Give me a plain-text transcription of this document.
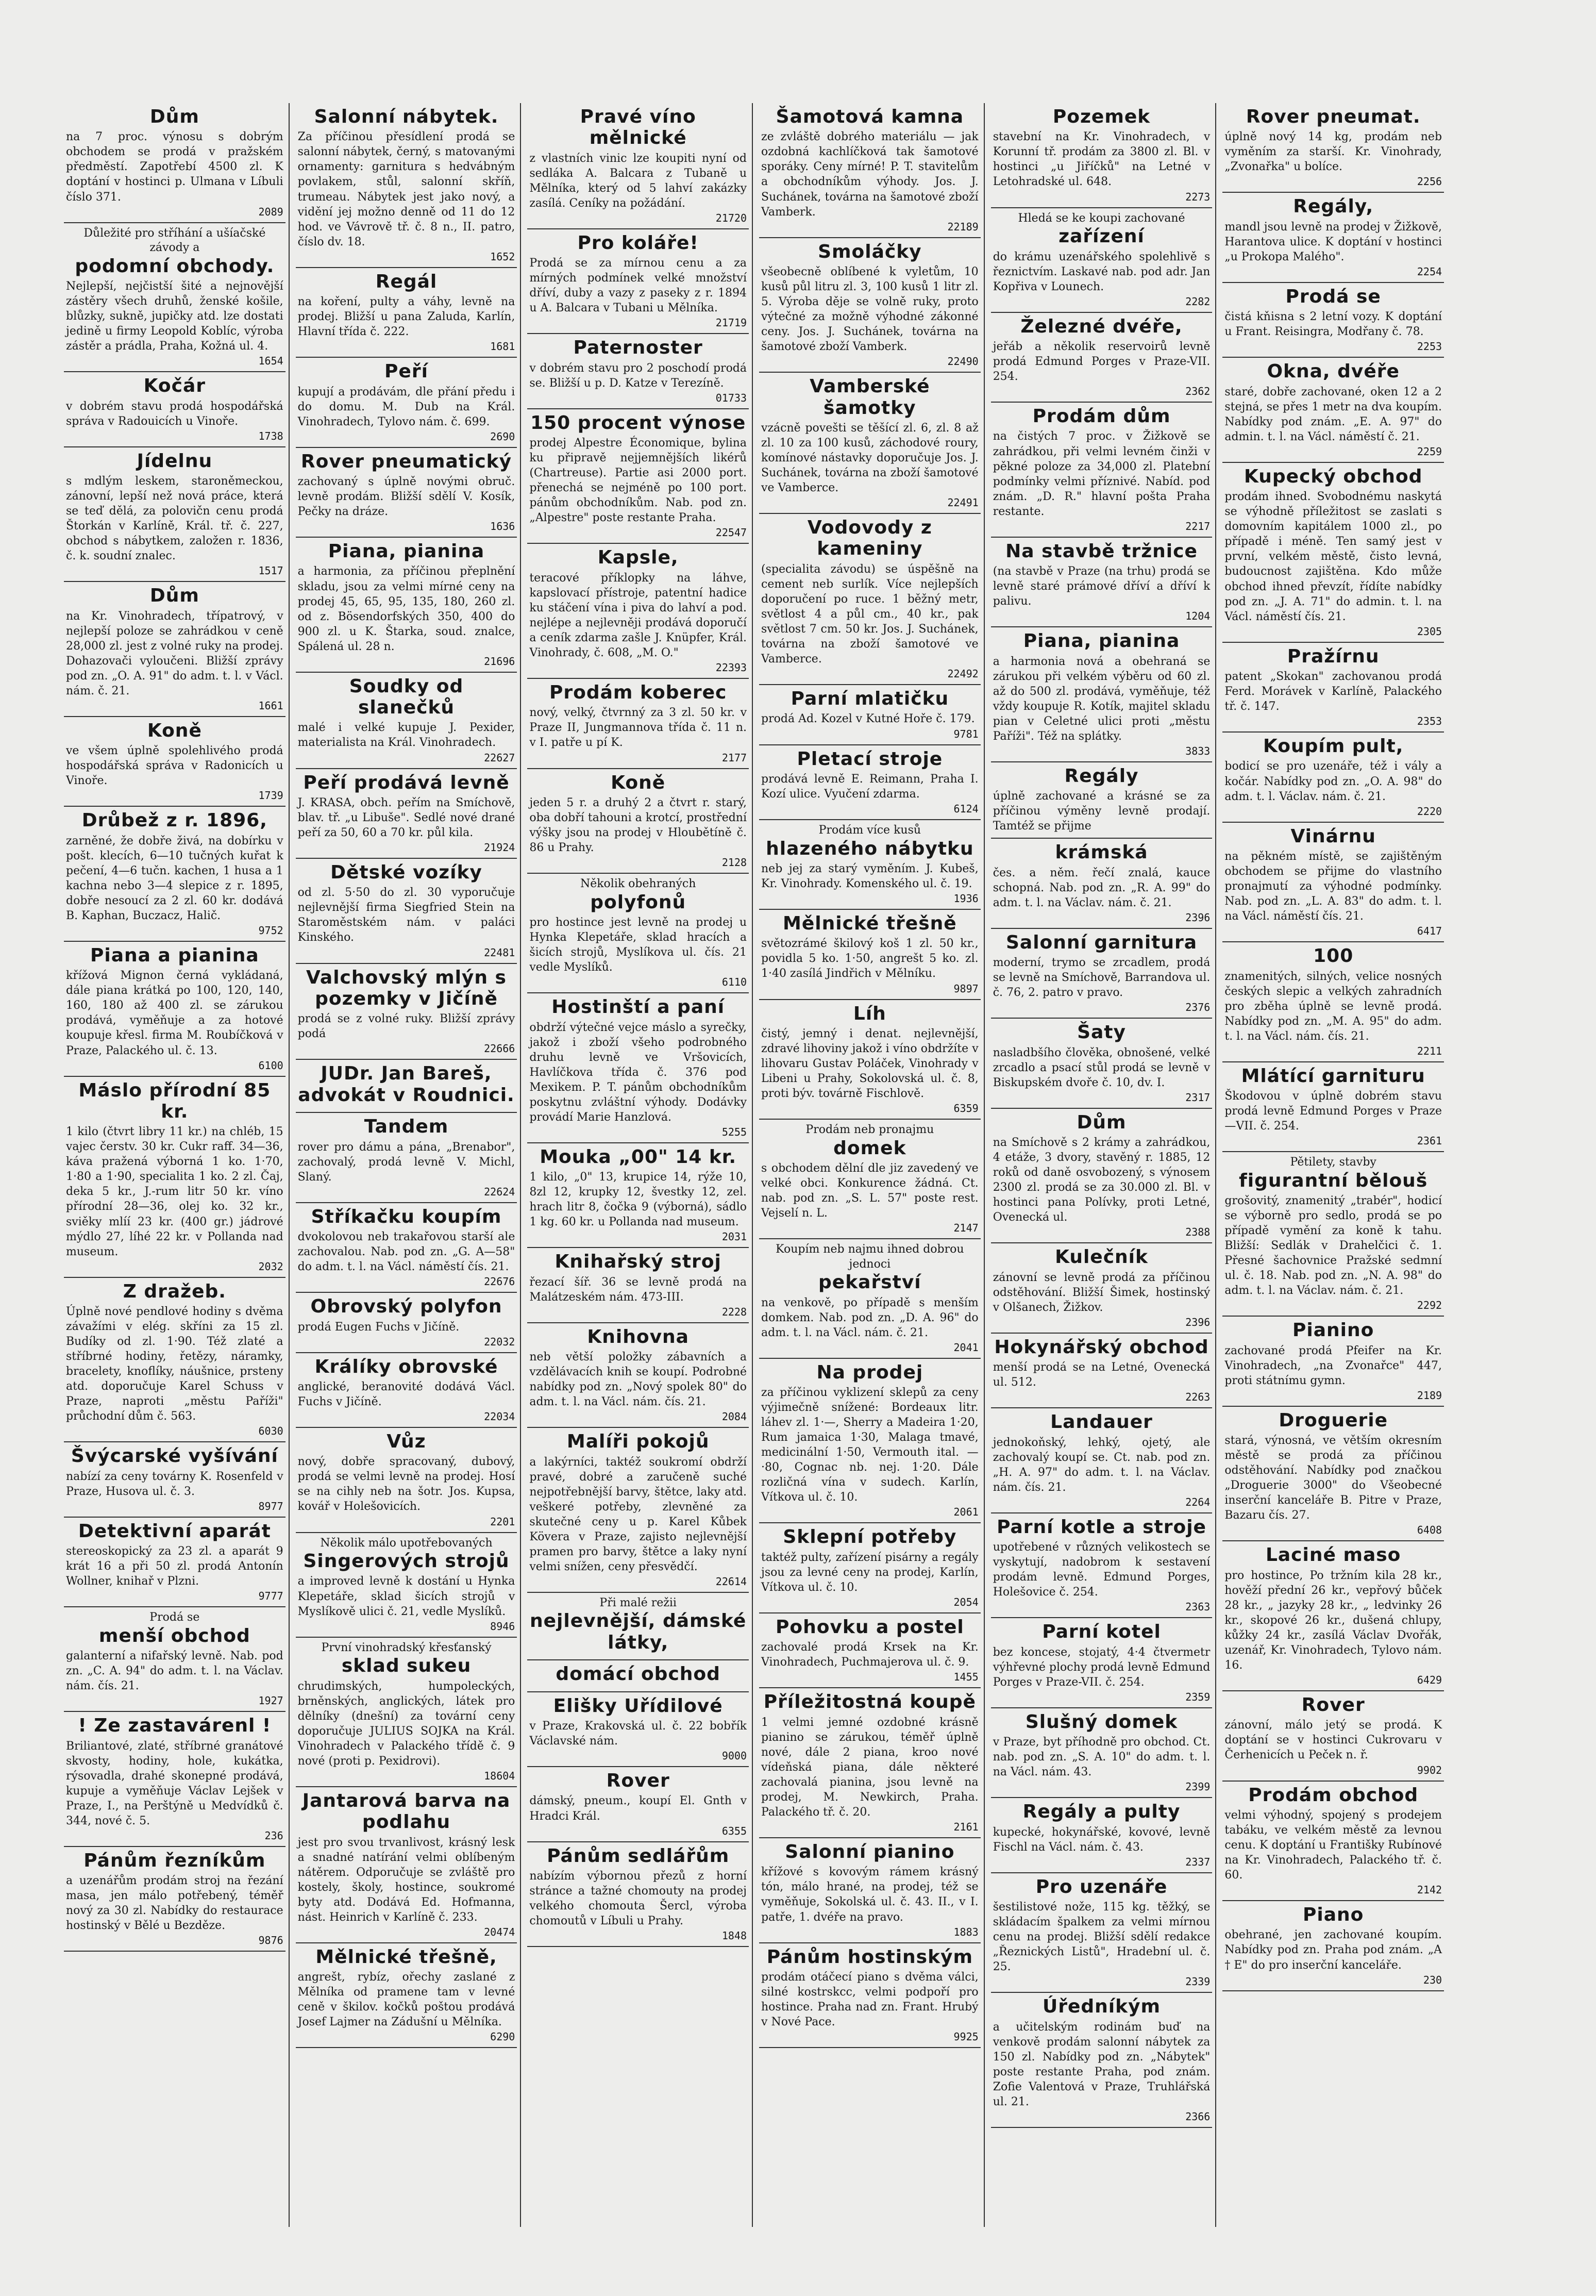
Dům

na 7 proc. výnosu s dobrým obchodem se prodá v pražském předměstí. Zapotřebí 4500 zl. K doptání v hostinci p. Ulmana v Líbuli číslo 371.

2089
Důležité pro stříhání a ušíačské závody a
podomní obchody.

Nejlepší, nejčistší šité a nejnovější zástěry všech druhů, ženské košile, blůzky, sukně, jupičky atd. lze dostati jedině u firmy Leopold Koblíc, výroba zástěr a prádla, Praha, Kožná ul. 4.

1654
Kočár

v dobrém stavu prodá hospodářská správa v Radouicích u Vinoře.

1738
Jídelnu

s mdlým leskem, staroněmeckou, zánovní, lepší než nová práce, která se teď dělá, za polovičn cenu prodá Štorkán v Karlíně, Král. tř. č. 227, obchod s nábytkem, založen r. 1836, č. k. soudní znalec.

1517
Dům

na Kr. Vinohradech, třípatrový, v nejlepší poloze se zahrádkou v ceně 28,000 zl. jest z volné ruky na prodej. Dohazovači vyloučeni. Bližší zprávy pod zn. „O. A. 91" do adm. t. l. v Václ. nám. č. 21.

1661
Koně

ve všem úplně spolehlivého prodá hospodářská správa v Radonicích u Vinoře.

1739
Drůbež z r. 1896,

zarněné, že dobře živá, na dobírku v pošt. klecích, 6—10 tučných kuřat k pečení, 4—6 tučn. kachen, 1 husa a 1 kachna nebo 3—4 slepice z r. 1895, dobře nesoucí za 2 zl. 60 kr. dodává B. Kaphan, Buczacz, Halič.

9752
Piana a pianina

křížová Mignon černá vykládaná, dále piana krátká po 100, 120, 140, 160, 180 až 400 zl. se zárukou prodává, vyměňuje a za hotové koupuje křesl. firma M. Roubíčková v Praze, Palackého ul. č. 13.

6100
Máslo přírodní 85 kr.

1 kilo (čtvrt libry 11 kr.) na chléb, 15 vajec čerstv. 30 kr. Cukr raff. 34—36, káva pražená výborná 1 ko. 1·70, 1·80 a 1·90, specialita 1 ko. 2 zl. Čaj, deka 5 kr., J.-rum litr 50 kr. víno přírodní 28—36, olej ko. 32 kr., sviěky mlíí 23 kr. (400 gr.) jádrové mýdlo 27, líhé 22 kr. v Pollanda nad museum.

2032
Z dražeb.

Úplně nové pendlové hodiny s dvěma závažími v elég. skříni za 15 zl. Budíky od zl. 1·90. Též zlaté a stříbrné hodiny, řetězy, náramky, bracelety, knoflíky, náušnice, prsteny atd. doporučuje Karel Schuss v Praze, naproti „městu Paříži" průchodní dům č. 563.

6030
Švýcarské vyšívání

nabízí za ceny továrny K. Rosenfeld v Praze, Husova ul. č. 3.

8977
Detektivní aparát

stereoskopický za 23 zl. a aparát 9 krát 16 a při 50 zl. prodá Antonín Wollner, knihař v Plzni.

9777
Prodá se
menší obchod

galanterní a nifařský levně. Nab. pod zn. „C. A. 94" do adm. t. l. na Václav. nám. čís. 21.

1927
! Ze zastavárenl !

Briliantové, zlaté, stříbrné granátové skvosty, hodiny, hole, kukátka, rýsovadla, drahé skonepné prodává, kupuje a vyměňuje Václav Lejšek v Praze, I., na Perštýně u Medvídků č. 344, nové č. 5.

236
Pánům řezníkům

a uzenářům prodám stroj na řezání masa, jen málo potřebený, téměř nový za 30 zl. Nabídky do restaurace hostinský v Bělé u Bezděze.

9876
Salonní nábytek.

Za příčinou přesídlení prodá se salonní nábytek, černý, s matovanými ornamenty: garnitura s hedvábným povlakem, stůl, salonní skříň, trumeau. Nábytek jest jako nový, a vidění jej možno denně od 11 do 12 hod. ve Vávrově tř. č. 8 n., II. patro, číslo dv. 18.

1652
Regál

na koření, pulty a váhy, levně na prodej. Bližší u pana Zaluda, Karlín, Hlavní třída č. 222.

1681
Peří

kupují a prodávám, dle přání předu i do domu. M. Dub na Král. Vinohradech, Tylovo nám. č. 699.

2690
Rover pneumatický

zachovaný s úplně novými obruč. levně prodám. Bližší sdělí V. Kosík, Pečky na dráze.

1636
Piana, pianina

a harmonia, za příčinou přeplnění skladu, jsou za velmi mírné ceny na prodej 45, 65, 95, 135, 180, 260 zl. od z. Bösendorfských 350, 400 do 900 zl. u K. Štarka, soud. znalce, Spálená ul. 28 n.

21696
Soudky od slanečků

malé i velké kupuje J. Pexider, materialista na Král. Vinohradech.

22627
Peří prodává levně

J. KRASA, obch. peřím na Smíchově, blav. tř. „u Libuše". Sedlé nové drané peří za 50, 60 a 70 kr. půl kila.

21924
Dětské vozíky

od zl. 5·50 do zl. 30 vyporučuje nejlevnější firma Siegfried Stein na Staroměstském nám. v paláci Kinského.

22481
Valchovský mlýn s pozemky v Jičíně

prodá se z volné ruky. Bližší zprávy podá

22666
JUDr. Jan Bareš, advokát v Roudnici.
Tandem

rover pro dámu a pána, „Brenabor", zachovalý, prodá levně V. Michl, Slaný.

22624
Stříkačku koupím

dvokolovou neb trakařovou starší ale zachovalou. Nab. pod zn. „G. A—58" do adm. t. l. na Václ. náměstí čís. 21.

22676
Obrovský polyfon

prodá Eugen Fuchs v Jičíně.

22032
Králíky obrovské

anglické, beranovité dodává Václ. Fuchs v Jičíně.

22034
Vůz

nový, dobře spracovaný, dubový, prodá se velmi levně na prodej. Hosí se na cihly neb na šotr. Jos. Kupsa, kovář v Holešovicích.

2201
Několik málo upotřebovaných
Singerových strojů

a improved levně k dostání u Hynka Klepetáře, sklad šicích strojů v Myslíkově ulici č. 21, vedle Myslíků.

8946
První vinohradský křesťanský
sklad sukeu

chrudimských, humpoleckých, brněnských, anglických, látek pro dělníky (dnešní) za tovární ceny doporučuje JULIUS SOJKA na Král. Vinohradech v Palackého třídě č. 9 nové (proti p. Pexidrovi).

18604
Jantarová barva na podlahu

jest pro svou trvanlivost, krásný lesk a snadné natírání velmi oblíbeným nátěrem. Odporučuje se zvláště pro kostely, školy, hostince, soukromé byty atd. Dodává Ed. Hofmanna, nást. Heinrich v Karlíně č. 233.

20474
Mělnické třešně,

angrešt, rybíz, ořechy zaslané z Mělníka od pramene tam v levné ceně v škilov. kočků poštou prodává Josef Lajmer na Zádušní u Mělníka.

6290
Pravé víno mělnické

z vlastních vinic lze koupiti nyní od sedláka A. Balcara z Tubaně u Mělníka, který od 5 lahví zakázky zasílá. Ceníky na požádání.

21720
Pro koláře!

Prodá se za mírnou cenu a za mírných podmínek velké množství dříví, duby a vazy z paseky z r. 1894 u A. Balcara v Tubani u Mělníka.

21719
Paternoster

v dobrém stavu pro 2 poschodí prodá se. Bližší u p. D. Katze v Terezíně.

01733
150 procent výnose

prodej Alpestre Économique, bylina ku připravě nejjemnějších likérů (Chartreuse). Partie asi 2000 port. přenechá se nejméně po 100 port. pánům obchodníkům. Nab. pod zn. „Alpestre" poste restante Praha.

22547
Kapsle,

teracové příklopky na láhve, kapslovací přístroje, patentní hadice ku stáčení vína i piva do lahví a pod. nejlépe a nejlevněji prodává doporučí a ceník zdarma zašle J. Knüpfer, Král. Vinohrady, č. 608, „M. O."

22393
Prodám koberec

nový, velký, čtvrnný za 3 zl. 50 kr. v Praze II, Jungmannova třída č. 11 n. v I. patře u pí K.

2177
Koně

jeden 5 r. a druhý 2 a čtvrt r. starý, oba dobří tahouni a krotcí, prostřední výšky jsou na prodej v Hloubětíně č. 86 u Prahy.

2128
Několik obehraných
polyfonů

pro hostince jest levně na prodej u Hynka Klepetáře, sklad hracích a šicích strojů, Myslíkova ul. čís. 21 vedle Myslíků.

6110
Hostinští a paní

obdrží výtečné vejce máslo a syrečky, jakož i zboží všeho podrobného druhu levně ve Vršovicích, Havlíčkova třída č. 376 pod Mexikem. P. T. pánům obchodníkům poskytnu zvláštní výhody. Dodávky provádí Marie Hanzlová.

5255
Mouka „00" 14 kr.

1 kilo, „0" 13, krupice 14, rýže 10, 8zl 12, krupky 12, švestky 12, zel. hrach litr 8, čočka 9 (výborná), sádlo 1 kg. 60 kr. u Pollanda nad museum.

2031
Knihařský stroj

řezací šíř. 36 se levně prodá na Malátzeském nám. 473-III.

2228
Knihovna

neb větší položky zábavních a vzdělávacích knih se koupí. Podrobné nabídky pod zn. „Nový spolek 80" do adm. t. l. na Václ. nám. čís. 21.

2084
Malíři pokojů

a lakýrníci, taktéž soukromí obdrží pravé, dobré a zaručeně suché nejpotřebnější barvy, štětce, laky atd. veškeré potřeby, zlevněné za skutečné ceny u p. Karel Kůbek Kövera v Praze, zajisto nejlevnější pramen pro barvy, štětce a laky nyní velmi snížen, ceny přesvědčí.

22614
Při malé režii
nejlevnější, dámské látky,
domácí obchod
Elišky Uřídilové

v Praze, Krakovská ul. č. 22 bobřík Václavské nám.

9000
Rover

dámský, pneum., koupí El. Gnth v Hradci Král.

6355
Pánům sedlářům

nabízím výbornou přezů z horní stránce a tažné chomouty na prodej velkého chomouta Šercl, výroba chomoutů v Líbuli u Prahy.

1848
Šamotová kamna

ze zvláště dobrého materiálu — jak ozdobná kachlíčková tak šamotové sporáky. Ceny mírné! P. T. stavitelům a obchodníkům výhody. Jos. J. Suchánek, továrna na šamotové zboží Vamberk.

22189
Smoláčky

všeobecně oblíbené k vyletům, 10 kusů půl litru zl. 3, 100 kusů 1 litr zl. 5. Výroba děje se volně ruky, proto výtečné za možně výhodné zákonné ceny. Jos. J. Suchánek, továrna na šamotové zboží Vamberk.

22490
Vamberské šamotky

vzácně povešti se těšící zl. 6, zl. 8 až zl. 10 za 100 kusů, záchodové roury, komínové nástavky doporučuje Jos. J. Suchánek, továrna na zboží šamotové ve Vamberce.

22491
Vodovody z kameniny

(specialita závodu) se úspěšně na cement neb surlík. Více nejlepších doporučení po ruce. 1 běžný metr, světlost 4 a půl cm., 40 kr., pak světlost 7 cm. 50 kr. Jos. J. Suchánek, továrna na zboží šamotové ve Vamberce.

22492
Parní mlatičku

prodá Ad. Kozel v Kutné Hoře č. 179.

9781
Pletací stroje

prodává levně E. Reimann, Praha I. Kozí ulice. Vyučení zdarma.

6124
Prodám více kusů
hlazeného nábytku

neb jej za starý vyměním. J. Kubeš, Kr. Vinohrady. Komenského ul. č. 19.

1936
Mělnické třešně

světozrámé škilový koš 1 zl. 50 kr., povidla 5 ko. 1·50, angrešt 5 ko. zl. 1·40 zasílá Jindřich v Mělníku.

9897
Líh

čistý, jemný i denat. nejlevnější, zdravé lihoviny jakož i víno obdržíte v lihovaru Gustav Poláček, Vinohrady v Libeni u Prahy, Sokolovská ul. č. 8, proti býv. továrně Fischlově.

6359
Prodám neb pronajmu
domek

s obchodem dělní dle jiz zavedený ve velké obci. Konkurence žádná. Ct. nab. pod zn. „S. L. 57" poste rest. Vejselí n. L.

2147
Koupím neb najmu ihned dobrou jednoci
pekařství

na venkově, po případě s menším domkem. Nab. pod zn. „D. A. 96" do adm. t. l. na Václ. nám. č. 21.

2041
Na prodej

za příčinou vyklizení sklepů za ceny výjimečně snížené: Bordeaux litr. láhev zl. 1·—, Sherry a Madeira 1·20, Rum jamaica 1·30, Malaga tmavé, medicinální 1·50, Vermouth ital. —·80, Cognac nb. nej. 1·20. Dále rozličná vína v sudech. Karlín, Vítkova ul. č. 10.

2061
Sklepní potřeby

taktéž pulty, zařízení pisárny a regály jsou za levné ceny na prodej, Karlín, Vítkova ul. č. 10.

2054
Pohovku a postel

zachovalé prodá Krsek na Kr. Vinohradech, Puchmajerova ul. č. 9.

1455
Příležitostná koupě

1 velmi jemné ozdobné krásně pianino se zárukou, téměř úplně nové, dále 2 piana, kroo nové vídeňská piana, dále některé zachovalá pianina, jsou levně na prodej, M. Newkirch, Praha. Palackého tř. č. 20.

2161
Salonní pianino

křížové s kovovým rámem krásný tón, málo hrané, na prodej, též se vyměňuje, Sokolská ul. č. 43. II., v I. patře, 1. dvéře na pravo.

1883
Pánům hostinským

prodám otáčecí piano s dvěma válci, silné kostrskcc, velmi podpoří pro hostince. Praha nad zn. Frant. Hrubý v Nové Pace.

9925
Pozemek

stavební na Kr. Vinohradech, v Korunní tř. prodám za 3800 zl. Bl. v hostinci „u Jiříčků" na Letné v Letohradské ul. 648.

2273
Hledá se ke koupi zachované
zařízení

do krámu uzenářského spolehlivě s řeznictvím. Laskavé nab. pod adr. Jan Kopřiva v Lounech.

2282
Železné dvéře,

jeřáb a několik reservoirů levně prodá Edmund Porges v Praze-VII. 254.

2362
Prodám dům

na čistých 7 proc. v Žižkově se zahrádkou, při velmi levném činži v pěkné poloze za 34,000 zl. Platební podmínky velmi příznivé. Nabíd. pod znám. „D. R." hlavní pošta Praha restante.

2217
Na stavbě tržnice

(na stavbě v Praze (na trhu) prodá se levně staré prámové dříví a dříví k palivu.

1204
Piana, pianina

a harmonia nová a obehraná se zárukou při velkém výběru od 60 zl. až do 500 zl. prodává, vyměňuje, též vždy koupuje R. Kotík, majitel skladu pian v Celetné ulici proti „městu Paříži". Též na splátky.

3833
Regály

úplně zachované a krásné se za příčinou výměny levně prodají. Tamtéž se přijme

krámská

čes. a něm. řečí znalá, kauce schopná. Nab. pod zn. „R. A. 99" do adm. t. l. na Václav. nám. č. 21.

2396
Salonní garnitura

moderní, trymo se zrcadlem, prodá se levně na Smíchově, Barrandova ul. č. 76, 2. patro v pravo.

2376
Šaty

nasladbšího člověka, obnošené, velké zrcadlo a psací stůl prodá se levně v Biskupském dvoře č. 10, dv. I.

2317
Dům

na Smíchově s 2 krámy a zahrádkou, 4 etáže, 3 dvory, stavěný r. 1885, 12 roků od daně osvobozený, s výnosem 2300 zl. prodá se za 30.000 zl. Bl. v hostinci pana Polívky, proti Letné, Ovenecká ul.

2388
Kulečník

zánovní se levně prodá za příčinou odstěhování. Bližší Šimek, hostinský v Olšanech, Žižkov.

2396
Hokynářský obchod

menší prodá se na Letné, Ovenecká ul. 512.

2263
Landauer

jednokoňský, lehký, ojetý, ale zachovalý koupí se. Ct. nab. pod zn. „H. A. 97" do adm. t. l. na Václav. nám. čís. 21.

2264
Parní kotle a stroje

upotřebené v různých velikostech se vyskytují, nadobrom k sestavení prodám levně. Edmund Porges, Holešovice č. 254.

2363
Parní kotel

bez koncese, stojatý, 4·4 čtvermetr výhřevné plochy prodá levně Edmund Porges v Praze-VII. č. 254.

2359
Slušný domek

v Praze, byt příhodně pro obchod. Ct. nab. pod zn. „S. A. 10" do adm. t. l. na Václ. nám. 43.

2399
Regály a pulty

kupecké, hokynářské, kovové, levně Fischl na Václ. nám. č. 43.

2337
Pro uzenáře

šestilistové nože, 115 kg. těžký, se skládacím špalkem za velmi mírnou cenu na prodej. Bližší sdělí redakce „Řeznických Listů", Hradební ul. č. 25.

2339
Úředníkým

a učitelským rodinám buď na venkově prodám salonní nábytek za 150 zl. Nabídky pod zn. „Nábytek" poste restante Praha, pod znám. Zofie Valentová v Praze, Truhlářská ul. 21.

2366
Rover pneumat.

úplně nový 14 kg, prodám neb vyměním za starší. Kr. Vinohrady, „Zvonařka" u bolíce.

2256
Regály,

mandl jsou levně na prodej v Žižkově, Harantova ulice. K doptání v hostinci „u Prokopa Malého".

2254
Prodá se

čistá kňisna s 2 letní vozy. K doptání u Frant. Reisingra, Modřany č. 78.

2253
Okna, dvéře

staré, dobře zachované, oken 12 a 2 stejná, se přes 1 metr na dva koupím. Nabídky pod znám. „E. A. 97" do admin. t. l. na Václ. náměstí č. 21.

2259
Kupecký obchod

prodám ihned. Svobodnému naskytá se výhodně příležitost se zaslati s domovním kapitálem 1000 zl., po případě i méně. Ten samý jest v první, velkém městě, čisto levná, budoucnost zajištěna. Kdo může obchod ihned převzít, řídíte nabídky pod zn. „J. A. 71" do admin. t. l. na Václ. náměstí čís. 21.

2305
Pražírnu

patent „Skokan" zachovanou prodá Ferd. Morávek v Karlíně, Palackého tř. č. 147.

2353
Koupím pult,

bodicí se pro uzenáře, též i vály a kočár. Nabídky pod zn. „O. A. 98" do adm. t. l. Václav. nám. č. 21.

2220
Vinárnu

na pěkném místě, se zajištěným obchodem se přijme do vlastního pronajmutí za výhodné podmínky. Nab. pod zn. „L. A. 83" do adm. t. l. na Václ. náměstí čís. 21.

6417
100

znamenitých, silných, velice nosných českých slepic a velkých zahradních pro zběha úplně se levně prodá. Nabídky pod zn. „M. A. 95" do adm. t. l. na Václ. nám. čís. 21.

2211
Mlátící garnituru

Škodovou v úplně dobrém stavu prodá levně Edmund Porges v Praze—VII. č. 254.

2361
Pětilety, stavby
figurantní bělouš

grošovitý, znamenitý „trabér", hodicí se výborně pro sedlo, prodá se po případě vymění za koně k tahu. Bližší: Sedlák v Drahelčici č. 1. Přesné šachovnice Pražské sedmní ul. č. 18. Nab. pod zn. „N. A. 98" do adm. t. l. na Václav. nám. č. 21.

2292
Pianino

zachované prodá Pfeifer na Kr. Vinohradech, „na Zvonařce" 447, proti státnímu gymn.

2189
Droguerie

stará, výnosná, ve větším okresním městě se prodá za příčinou odstěhování. Nabídky pod značkou „Droguerie 3000" do Všeobecné inserční kanceláře B. Pitre v Praze, Bazaru čís. 27.

6408
Laciné maso

pro hostince, Po tržním kila 28 kr., hověží přední 26 kr., vepřový bůček 28 kr., „ jazyky 28 kr., „ ledvinky 26 kr., skopové 26 kr., dušená chlupy, kůžky 24 kr., zasílá Václav Dvořák, uzenář, Kr. Vinohradech, Tylovo nám. 16.

6429
Rover

zánovní, málo jetý se prodá. K doptání se v hostinci Cukrovaru v Čerhenicích u Peček n. ř.

9902
Prodám obchod

velmi výhodný, spojený s prodejem tabáku, ve velkém městě za levnou cenu. K doptání u Františky Rubínové na Kr. Vinohradech, Palackého tř. č. 60.

2142
Piano

obehrané, jen zachované koupím. Nabídky pod zn. Praha pod znám. „A † E" do pro inserční kanceláře.

230
